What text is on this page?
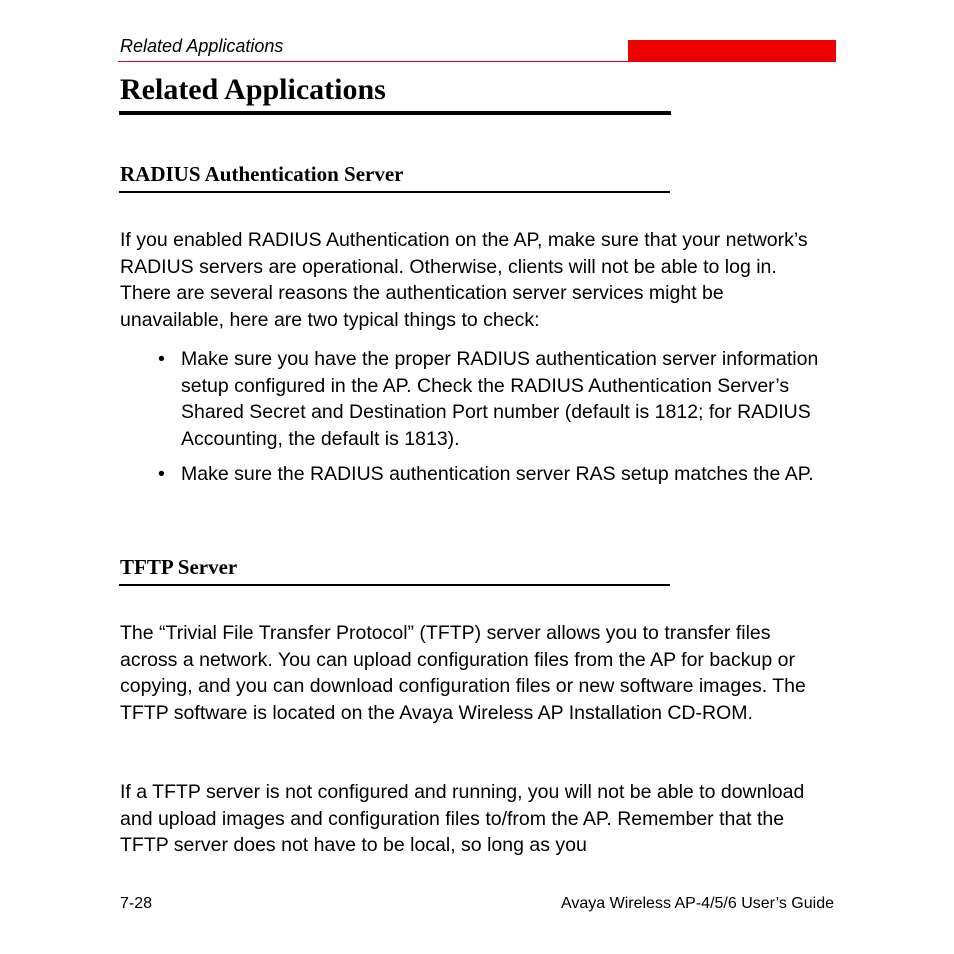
Related Applications
Related Applications
RADIUS Authentication Server

If you enabled RADIUS Authentication on the AP, make sure that your network’s RADIUS servers are operational. Otherwise, clients will not be able to log in. There are several reasons the authentication server services might be unavailable, here are two typical things to check:

• Make sure you have the proper RADIUS authentication server information setup configured in the AP. Check the RADIUS Authentication Server’s Shared Secret and Destination Port number (default is 1812; for RADIUS Accounting, the default is 1813).
• Make sure the RADIUS authentication server RAS setup matches the AP.
TFTP Server

The “Trivial File Transfer Protocol” (TFTP) server allows you to transfer files across a network. You can upload configuration files from the AP for backup or copying, and you can download configuration files or new software images. The TFTP software is located on the Avaya Wireless AP Installation CD-ROM.

If a TFTP server is not configured and running, you will not be able to download and upload images and configuration files to/from the AP. Remember that the TFTP server does not have to be local, so long as you

7-28	Avaya Wireless AP-4/5/6 User’s Guide
